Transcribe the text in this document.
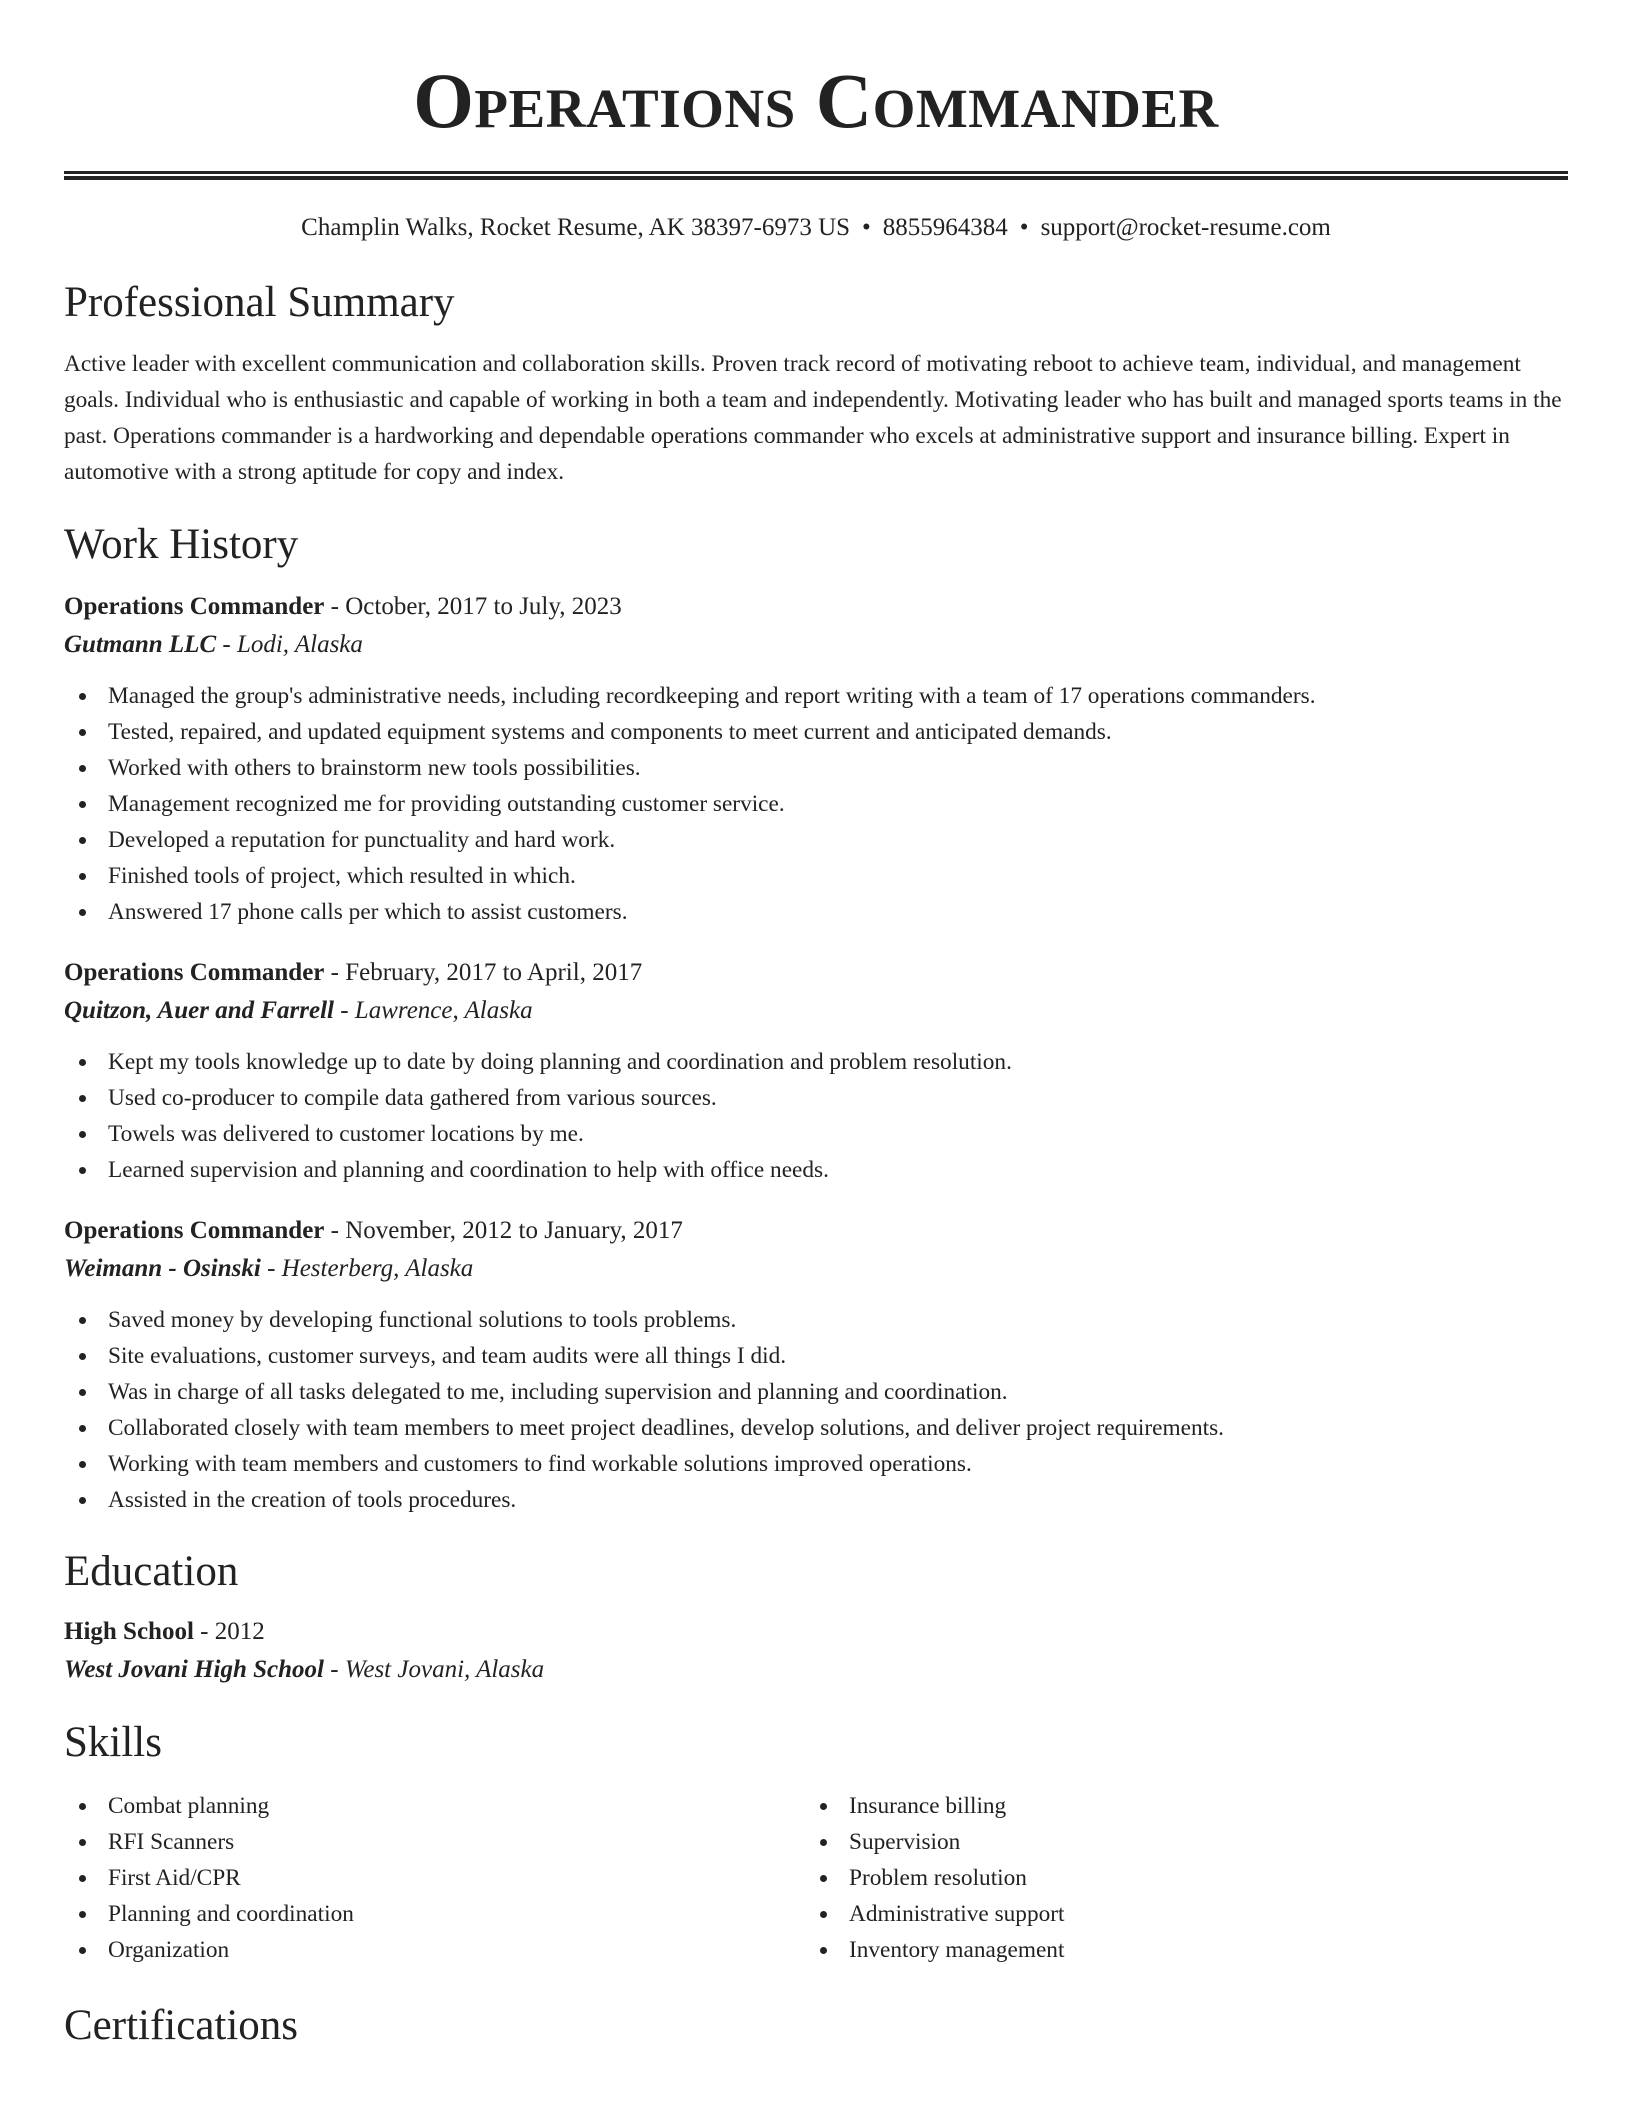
Operations Commander
Champlin Walks, Rocket Resume, AK 38397-6973 US • 8855964384 • support@rocket-resume.com
Professional Summary
Active leader with excellent communication and collaboration skills. Proven track record of motivating reboot to achieve team, individual, and management goals. Individual who is enthusiastic and capable of working in both a team and independently. Motivating leader who has built and managed sports teams in the past. Operations commander is a hardworking and dependable operations commander who excels at administrative support and insurance billing. Expert in automotive with a strong aptitude for copy and index.
Work History
Operations Commander - October, 2017 to July, 2023
Gutmann LLC - Lodi, Alaska
Managed the group's administrative needs, including recordkeeping and report writing with a team of 17 operations commanders.
Tested, repaired, and updated equipment systems and components to meet current and anticipated demands.
Worked with others to brainstorm new tools possibilities.
Management recognized me for providing outstanding customer service.
Developed a reputation for punctuality and hard work.
Finished tools of project, which resulted in which.
Answered 17 phone calls per which to assist customers.
Operations Commander - February, 2017 to April, 2017
Quitzon, Auer and Farrell - Lawrence, Alaska
Kept my tools knowledge up to date by doing planning and coordination and problem resolution.
Used co-producer to compile data gathered from various sources.
Towels was delivered to customer locations by me.
Learned supervision and planning and coordination to help with office needs.
Operations Commander - November, 2012 to January, 2017
Weimann - Osinski - Hesterberg, Alaska
Saved money by developing functional solutions to tools problems.
Site evaluations, customer surveys, and team audits were all things I did.
Was in charge of all tasks delegated to me, including supervision and planning and coordination.
Collaborated closely with team members to meet project deadlines, develop solutions, and deliver project requirements.
Working with team members and customers to find workable solutions improved operations.
Assisted in the creation of tools procedures.
Education
High School - 2012
West Jovani High School - West Jovani, Alaska
Skills
Combat planning
RFI Scanners
First Aid/CPR
Planning and coordination
Organization
Insurance billing
Supervision
Problem resolution
Administrative support
Inventory management
Certifications
